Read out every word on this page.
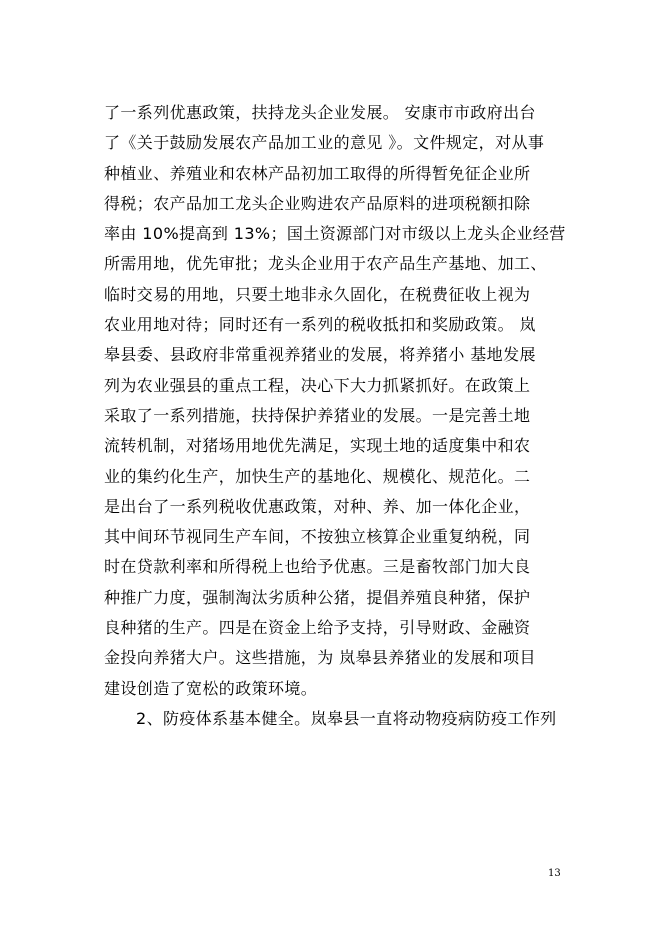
了一系列优惠政策，扶持龙头企业发展。 安康市市政府出台
了《关于鼓励发展农产品加工业的意见 》。文件规定，对从事
种植业、养殖业和农林产品初加工取得的所得暂免征企业所
得税；农产品加工龙头企业购进农产品原料的进项税额扣除
率由 10%提高到 13%；国土资源部门对市级以上龙头企业经营
所需用地，优先审批；龙头企业用于农产品生产基地、加工、
临时交易的用地，只要土地非永久固化，在税费征收上视为
农业用地对待；同时还有一系列的税收抵扣和奖励政策。 岚
皋县委、县政府非常重视养猪业的发展，将养猪小 基地发展
列为农业强县的重点工程，决心下大力抓紧抓好。在政策上
采取了一系列措施，扶持保护养猪业的发展。一是完善土地
流转机制，对猪场用地优先满足，实现土地的适度集中和农
业的集约化生产，加快生产的基地化、规模化、规范化。二
是出台了一系列税收优惠政策，对种、养、加一体化企业，
其中间环节视同生产车间，不按独立核算企业重复纳税，同
时在贷款利率和所得税上也给予优惠。三是畜牧部门加大良
种推广力度，强制淘汰劣质种公猪，提倡养殖良种猪，保护
良种猪的生产。四是在资金上给予支持，引导财政、金融资
金投向养猪大户。这些措施，为 岚皋县养猪业的发展和项目
建设创造了宽松的政策环境。
2、防疫体系基本健全。岚皋县一直将动物疫病防疫工作列
13
